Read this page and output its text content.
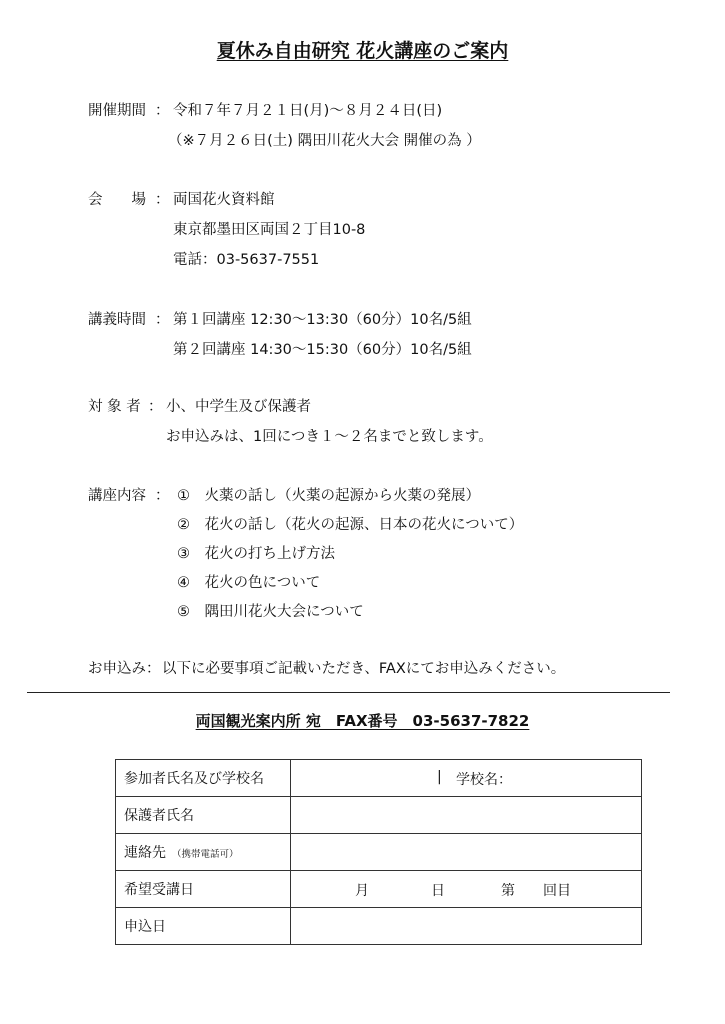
夏休み自由研究 花火講座のご案内
開催期間 ： 令和７年７月２１日(月)～８月２４日(日)
（※７月２６日(土) 隅田川花火大会 開催の為 ）
会　　場 ： 両国花火資料館
東京都墨田区両国２丁目10-8
電話：03-5637-7551
講義時間 ： 第１回講座 12:30～13:30（60分）10名/5組
第２回講座 14:30～15:30（60分）10名/5組
対 象 者 ： 小、中学生及び保護者
お申込みは、1回につき１～２名までと致します。
講座内容 ： ①　火薬の話し（火薬の起源から火薬の発展）
②　花火の話し（花火の起源、日本の花火について）
③　花火の打ち上げ方法
④　花火の色について
⑤　隅田川花火大会について
お申込み： 以下に必要事項ご記載いただき、FAXにてお申込みください。
両国観光案内所 宛　FAX番号　03-5637-7822
参加者氏名及び学校名	| 学校名：

保護者氏名	
連絡先 （携帯電話可）	
希望受講日	月 日 第 回目

申込日	
